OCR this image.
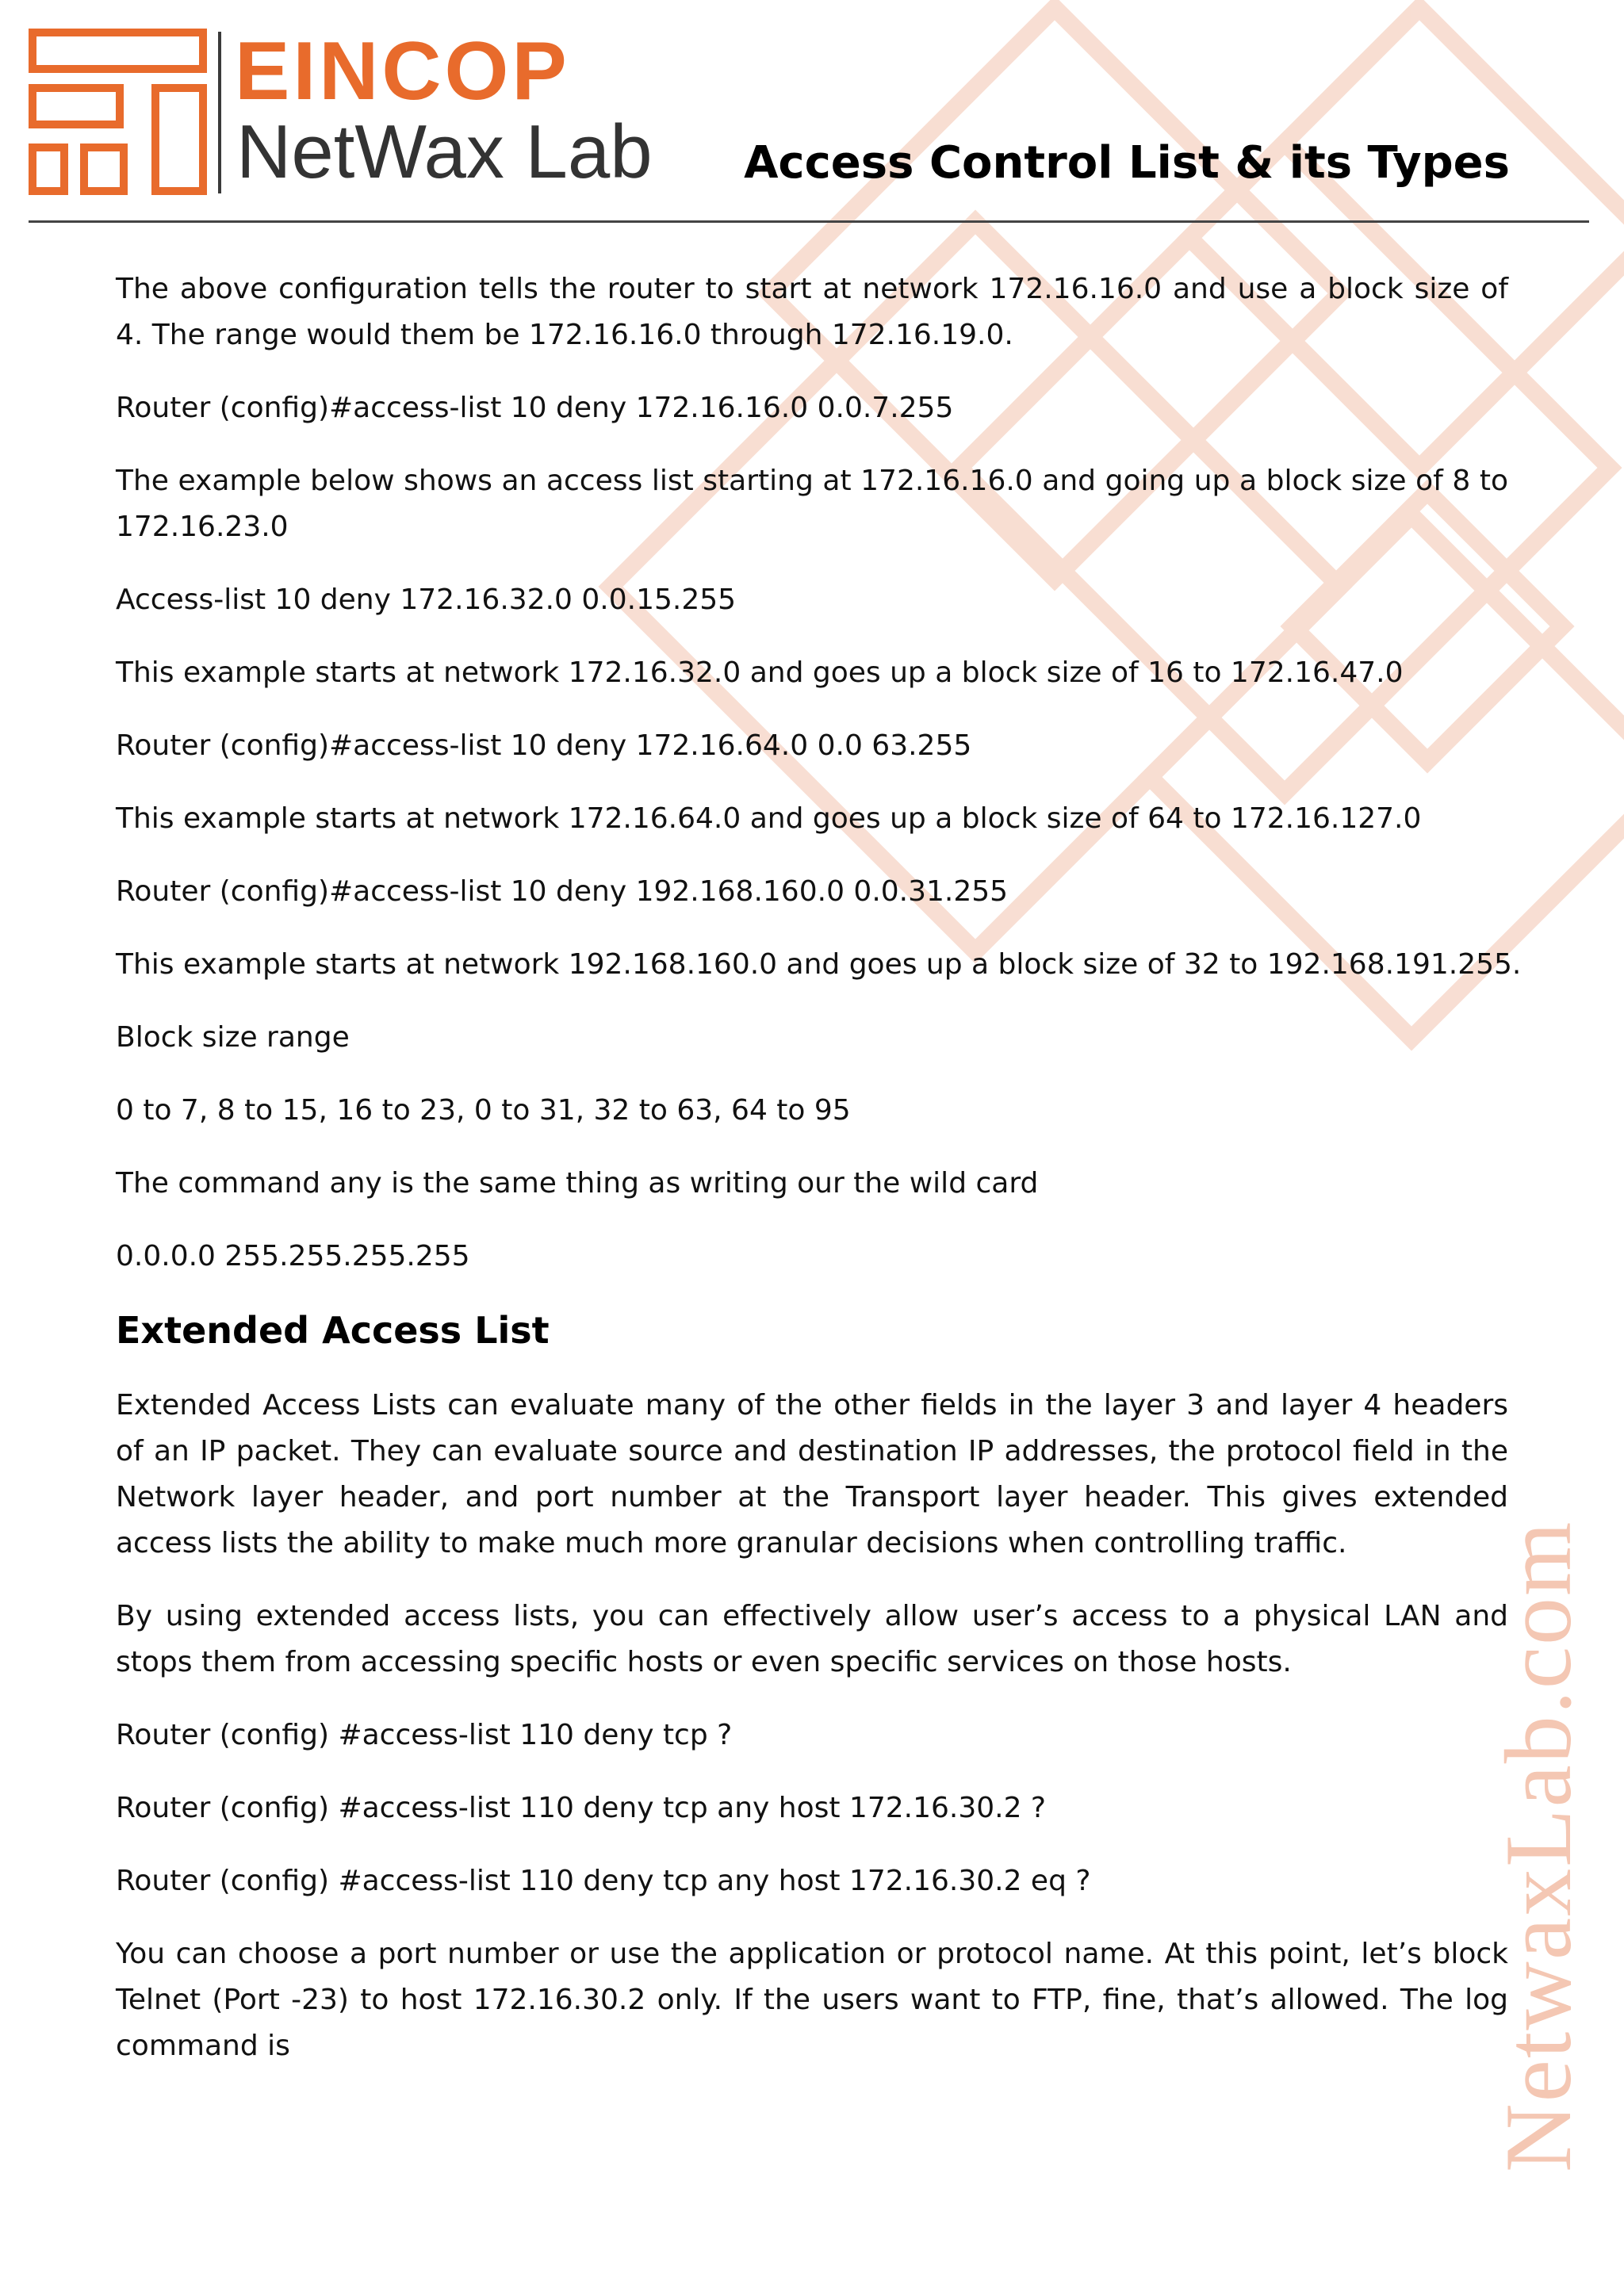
EINCOP
NetWax Lab Access Control List & its Types

The above configuration tells the router to start at network 172.16.16.0 and use a block size of 4. The range would them be 172.16.16.0 through 172.16.19.0.

Router (config)#access-list 10 deny 172.16.16.0 0.0.7.255

The example below shows an access list starting at 172.16.16.0 and going up a block size of 8 to 172.16.23.0

Access-list 10 deny 172.16.32.0 0.0.15.255

This example starts at network 172.16.32.0 and goes up a block size of 16 to 172.16.47.0

Router (config)#access-list 10 deny 172.16.64.0 0.0 63.255

This example starts at network 172.16.64.0 and goes up a block size of 64 to 172.16.127.0

Router (config)#access-list 10 deny 192.168.160.0 0.0.31.255

This example starts at network 192.168.160.0 and goes up a block size of 32 to 192.168.191.255.

Block size range

0 to 7, 8 to 15, 16 to 23, 0 to 31, 32 to 63, 64 to 95

The command any is the same thing as writing our the wild card

0.0.0.0 255.255.255.255

Extended Access List

Extended Access Lists can evaluate many of the other fields in the layer 3 and layer 4 headers of an IP packet. They can evaluate source and destination IP addresses, the protocol field in the Network layer header, and port number at the Transport layer header. This gives extended access lists the ability to make much more granular decisions when controlling traffic.

By using extended access lists, you can effectively allow user’s access to a physical LAN and stops them from accessing specific hosts or even specific services on those hosts.

Router (config) #access-list 110 deny tcp ?

Router (config) #access-list 110 deny tcp any host 172.16.30.2 ?

Router (config) #access-list 110 deny tcp any host 172.16.30.2 eq ?

You can choose a port number or use the application or protocol name. At this point, let’s block Telnet (Port -23) to host 172.16.30.2 only. If the users want to FTP, fine, that’s allowed. The log command is	NetwaxLab.com
